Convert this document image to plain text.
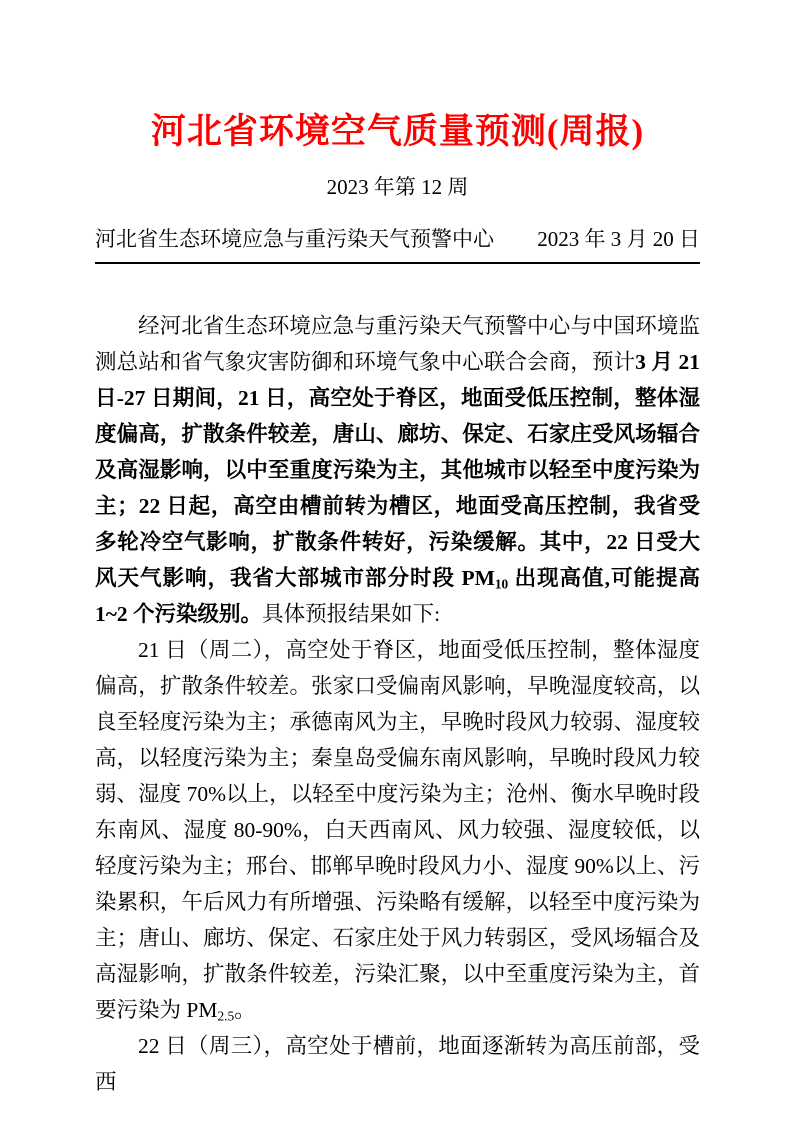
河北省环境空气质量预测(周报)
2023 年第 12 周
河北省生态环境应急与重污染天气预警中心 2023 年 3 月 20 日

经河北省生态环境应急与重污染天气预警中心与中国环境监测总站和省气象灾害防御和环境气象中心联合会商，预计3 月 21 日-27 日期间，21 日，高空处于脊区，地面受低压控制，整体湿度偏高，扩散条件较差，唐山、廊坊、保定、石家庄受风场辐合及高湿影响，以中至重度污染为主，其他城市以轻至中度污染为主；22 日起，高空由槽前转为槽区，地面受高压控制，我省受多轮冷空气影响，扩散条件转好，污染缓解。其中，22 日受大风天气影响，我省大部城市部分时段 $PM_{10}$ 出现高值,可能提高 1~2 个污染级别。具体预报结果如下:

21 日（周二），高空处于脊区，地面受低压控制，整体湿度偏高，扩散条件较差。张家口受偏南风影响，早晚湿度较高，以良至轻度污染为主；承德南风为主，早晚时段风力较弱、湿度较高，以轻度污染为主；秦皇岛受偏东南风影响，早晚时段风力较弱、湿度 70%以上，以轻至中度污染为主；沧州、衡水早晚时段东南风、湿度 80-90%，白天西南风、风力较强、湿度较低，以轻度污染为主；邢台、邯郸早晚时段风力小、湿度 90%以上、污染累积，午后风力有所增强、污染略有缓解，以轻至中度污染为主；唐山、廊坊、保定、石家庄处于风力转弱区，受风场辐合及高湿影响，扩散条件较差，污染汇聚，以中至重度污染为主，首要污染为 $PM_{2.5}$。

22 日（周三），高空处于槽前，地面逐渐转为高压前部，受西
